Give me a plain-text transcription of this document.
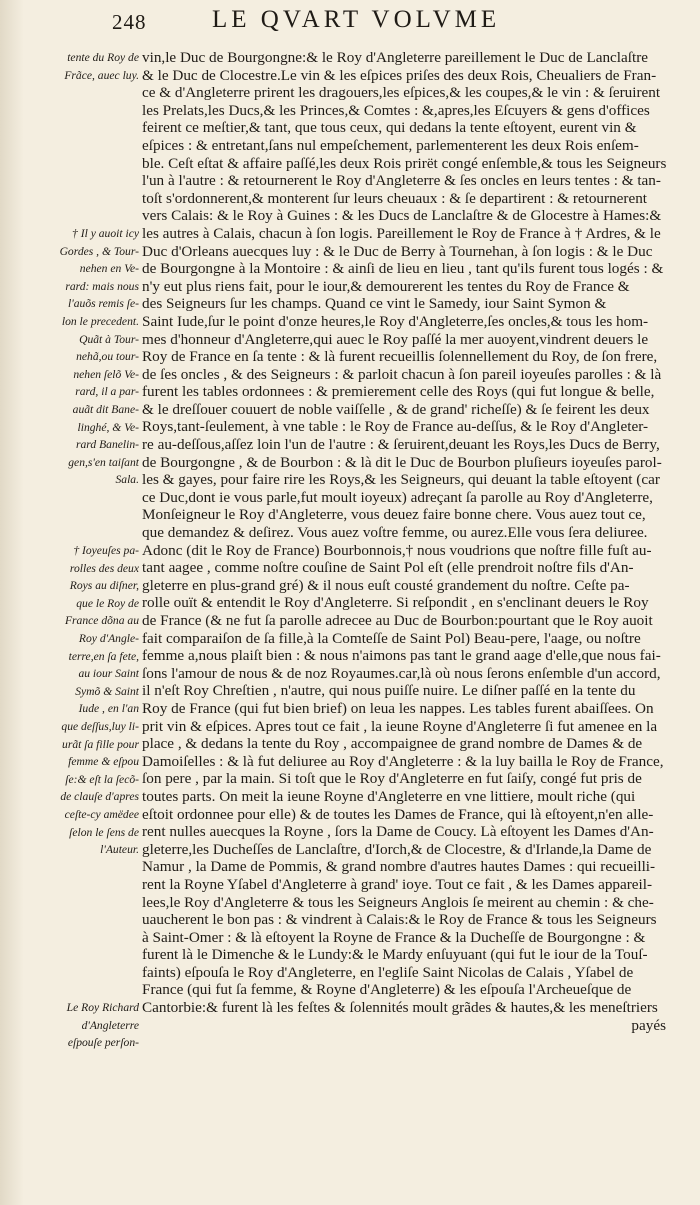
248	LE QVART VOLVME
tente du Roy de
Frãce, auec luy.
† Il y auoit icy
Gordes , & Tour-
nehen en Ve-
rard: mais nous
l'auõs remis ſe-
lon le precedent.
Quãt à Tour-
nehã,ou tour-
nehen ſelõ Ve-
rard, il a par-
auãt dit Bane-
linghé, & Ve-
rard Banelin-
gen,s'en taiſant
Sala.
† Ioyeuſes pa-
rolles des deux
Roys au diſner,
que le Roy de
France dõna au
Roy d'Angle-
terre,en ſa fete,
au iour Saint
Symõ & Saint
Iude , en l'an
que deſſus,luy li-
urãt ſa fille pour
femme & eſpou
ſe:& eſt la ſecõ-
de clauſe d'apres
ceſte-cy amëdee
ſelon le ſens de
l'Auteur.
Le Roy Richard
d'Angleterre
eſpouſe perſon-
vin,le Duc de Bourgongne:& le Roy d'Angleterre pareillement le Duc de Lanclaſtre
& le Duc de Clocestre.Le vin & les eſpices priſes des deux Rois, Cheualiers de Fran-
ce & d'Angleterre prirent les dragouers,les eſpices,& les coupes,& le vin : & ſeruirent
les Prelats,les Ducs,& les Princes,& Comtes : &,apres,les Eſcuyers & gens d'offices
feirent ce meſtier,& tant, que tous ceux, qui dedans la tente eſtoyent, eurent vin &
eſpices : & entretant,ſans nul empeſchement, parlementerent les deux Rois enſem-
ble. Ceſt eſtat & affaire paſſé,les deux Rois prirët congé enſemble,& tous les Seigneurs
l'un à l'autre : & retournerent le Roy d'Angleterre & ſes oncles en leurs tentes : & tan-
toſt s'ordonnerent,& monterent ſur leurs cheuaux : & ſe departirent : & retournerent
vers Calais: & le Roy à Guines : & les Ducs de Lanclaſtre & de Glocestre à Hames:&
les autres à Calais, chacun à ſon logis. Pareillement le Roy de France à † Ardres, & le
Duc d'Orleans auecques luy : & le Duc de Berry à Tournehan, à ſon logis : & le Duc
de Bourgongne à la Montoire : & ainſi de lieu en lieu , tant qu'ils furent tous logés : &
n'y eut plus riens fait, pour le iour,& demourerent les tentes du Roy de France &
des Seigneurs ſur les champs. Quand ce vint le Samedy, iour Saint Symon &
Saint Iude,ſur le point d'onze heures,le Roy d'Angleterre,ſes oncles,& tous les hom-
mes d'honneur d'Angleterre,qui auec le Roy paſſé la mer auoyent,vindrent deuers le
Roy de France en ſa tente : & là furent recueillis ſolennellement du Roy, de ſon frere,
de ſes oncles , & des Seigneurs : & parloit chacun à ſon pareil ioyeuſes parolles : & là
furent les tables ordonnees : & premierement celle des Roys (qui fut longue & belle,
& le dreſſouer couuert de noble vaiſſelle , & de grand' richeſſe) & ſe feirent les deux
Roys,tant-ſeulement, à vne table : le Roy de France au-deſſus, & le Roy d'Angleter-
re au-deſſous,aſſez loin l'un de l'autre : & ſeruirent,deuant les Roys,les Ducs de Berry,
de Bourgongne , & de Bourbon : & là dit le Duc de Bourbon pluſieurs ioyeuſes parol-
les & gayes, pour faire rire les Roys,& les Seigneurs, qui deuant la table eſtoyent (car
ce Duc,dont ie vous parle,fut moult ioyeux) adreçant ſa parolle au Roy d'Angleterre,
Monſeigneur le Roy d'Angleterre, vous deuez faire bonne chere. Vous auez tout ce,
que demandez & deſirez. Vous auez voſtre femme, ou aurez.Elle vous ſera deliuree.
Adonc (dit le Roy de France) Bourbonnois,† nous voudrions que noſtre fille fuſt au-
tant aagee , comme noſtre couſine de Saint Pol eſt (elle prendroit noſtre fils d'An-
gleterre en plus-grand gré) & il nous euſt cousté grandement du noſtre. Ceſte pa-
rolle ouït & entendit le Roy d'Angleterre. Si reſpondit , en s'enclinant deuers le Roy
de France (& ne fut ſa parolle adrecee au Duc de Bourbon:pourtant que le Roy auoit
fait comparaiſon de ſa fille,à la Comteſſe de Saint Pol) Beau-pere, l'aage, ou noſtre
femme a,nous plaiſt bien : & nous n'aimons pas tant le grand aage d'elle,que nous fai-
ſons l'amour de nous & de noz Royaumes.car,là où nous ſerons enſemble d'un accord,
il n'eſt Roy Chreſtien , n'autre, qui nous puiſſe nuire. Le diſner paſſé en la tente du
Roy de France (qui fut bien brief) on leua les nappes. Les tables furent abaiſſees. On
prit vin & eſpices. Apres tout ce fait , la ieune Royne d'Angleterre ſi fut amenee en la
place , & dedans la tente du Roy , accompaignee de grand nombre de Dames & de
Damoiſelles : & là fut deliuree au Roy d'Angleterre : & la luy bailla le Roy de France,
ſon pere , par la main. Si toſt que le Roy d'Angleterre en fut ſaiſy, congé fut pris de
toutes parts. On meit la ieune Royne d'Angleterre en vne littiere, moult riche (qui
eſtoit ordonnee pour elle) & de toutes les Dames de France, qui là eſtoyent,n'en alle-
rent nulles auecques la Royne , ſors la Dame de Coucy. Là eſtoyent les Dames d'An-
gleterre,les Ducheſſes de Lanclaſtre, d'Iorch,& de Clocestre, & d'Irlande,la Dame de
Namur , la Dame de Pommis, & grand nombre d'autres hautes Dames : qui recueilli-
rent la Royne Yſabel d'Angleterre à grand' ioye. Tout ce fait , & les Dames appareil-
lees,le Roy d'Angleterre & tous les Seigneurs Anglois ſe meirent au chemin : & che-
uaucherent le bon pas : & vindrent à Calais:& le Roy de France & tous les Seigneurs
à Saint-Omer : & là eſtoyent la Royne de France & la Ducheſſe de Bourgongne : &
furent là le Dimenche & le Lundy:& le Mardy enſuyuant (qui fut le iour de la Touſ-
faints) eſpouſa le Roy d'Angleterre, en l'egliſe Saint Nicolas de Calais , Yſabel de
France (qui fut ſa femme, & Royne d'Angleterre) & les eſpouſa l'Archeueſque de
Cantorbie:& furent là les feſtes & ſolennités moult grãdes & hautes,& les meneſtriers
payés
